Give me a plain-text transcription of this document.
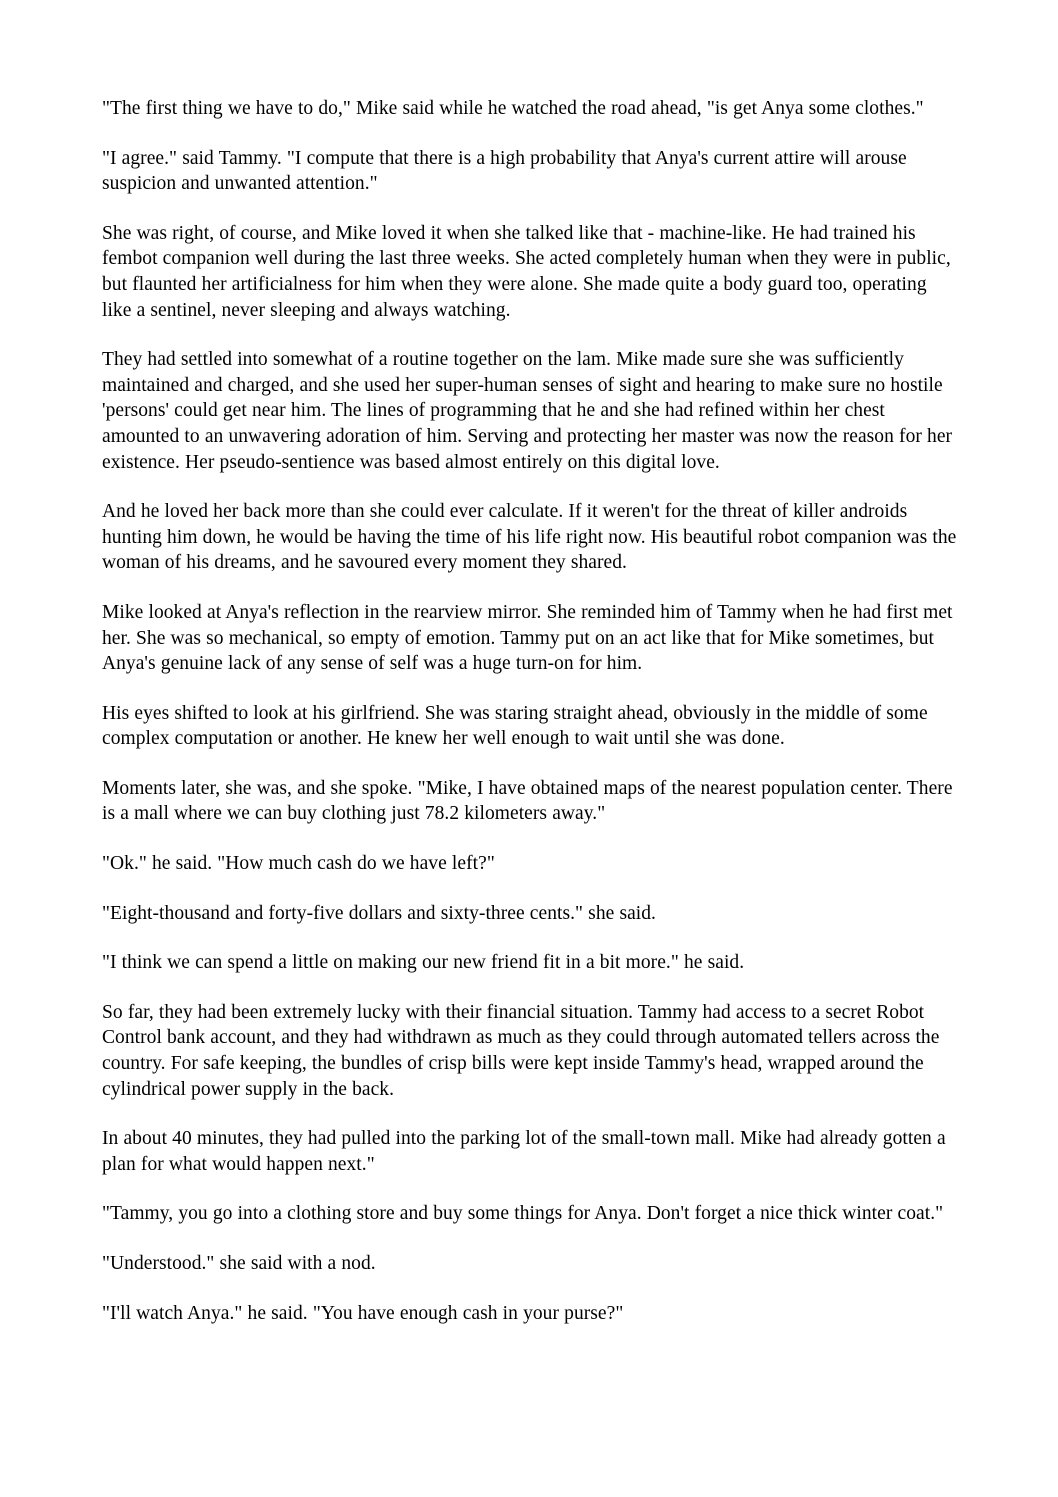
"The first thing we have to do," Mike said while he watched the road ahead, "is get Anya some clothes."

"I agree." said Tammy. "I compute that there is a high probability that Anya's current attire will arouse suspicion and unwanted attention."

She was right, of course, and Mike loved it when she talked like that - machine-like. He had trained his fembot companion well during the last three weeks. She acted completely human when they were in public, but flaunted her artificialness for him when they were alone. She made quite a body guard too, operating like a sentinel, never sleeping and always watching.

They had settled into somewhat of a routine together on the lam. Mike made sure she was sufficiently maintained and charged, and she used her super-human senses of sight and hearing to make sure no hostile 'persons' could get near him. The lines of programming that he and she had refined within her chest amounted to an unwavering adoration of him. Serving and protecting her master was now the reason for her existence. Her pseudo-sentience was based almost entirely on this digital love.

And he loved her back more than she could ever calculate. If it weren't for the threat of killer androids hunting him down, he would be having the time of his life right now. His beautiful robot companion was the woman of his dreams, and he savoured every moment they shared.

Mike looked at Anya's reflection in the rearview mirror. She reminded him of Tammy when he had first met her. She was so mechanical, so empty of emotion. Tammy put on an act like that for Mike sometimes, but Anya's genuine lack of any sense of self was a huge turn-on for him.

His eyes shifted to look at his girlfriend. She was staring straight ahead, obviously in the middle of some complex computation or another. He knew her well enough to wait until she was done.

Moments later, she was, and she spoke. "Mike, I have obtained maps of the nearest population center. There is a mall where we can buy clothing just 78.2 kilometers away."

"Ok." he said. "How much cash do we have left?"

"Eight-thousand and forty-five dollars and sixty-three cents." she said.

"I think we can spend a little on making our new friend fit in a bit more." he said.

So far, they had been extremely lucky with their financial situation. Tammy had access to a secret Robot Control bank account, and they had withdrawn as much as they could through automated tellers across the country. For safe keeping, the bundles of crisp bills were kept inside Tammy's head, wrapped around the cylindrical power supply in the back.

In about 40 minutes, they had pulled into the parking lot of the small-town mall. Mike had already gotten a plan for what would happen next."

"Tammy, you go into a clothing store and buy some things for Anya. Don't forget a nice thick winter coat."

"Understood." she said with a nod.

"I'll watch Anya." he said. "You have enough cash in your purse?"
